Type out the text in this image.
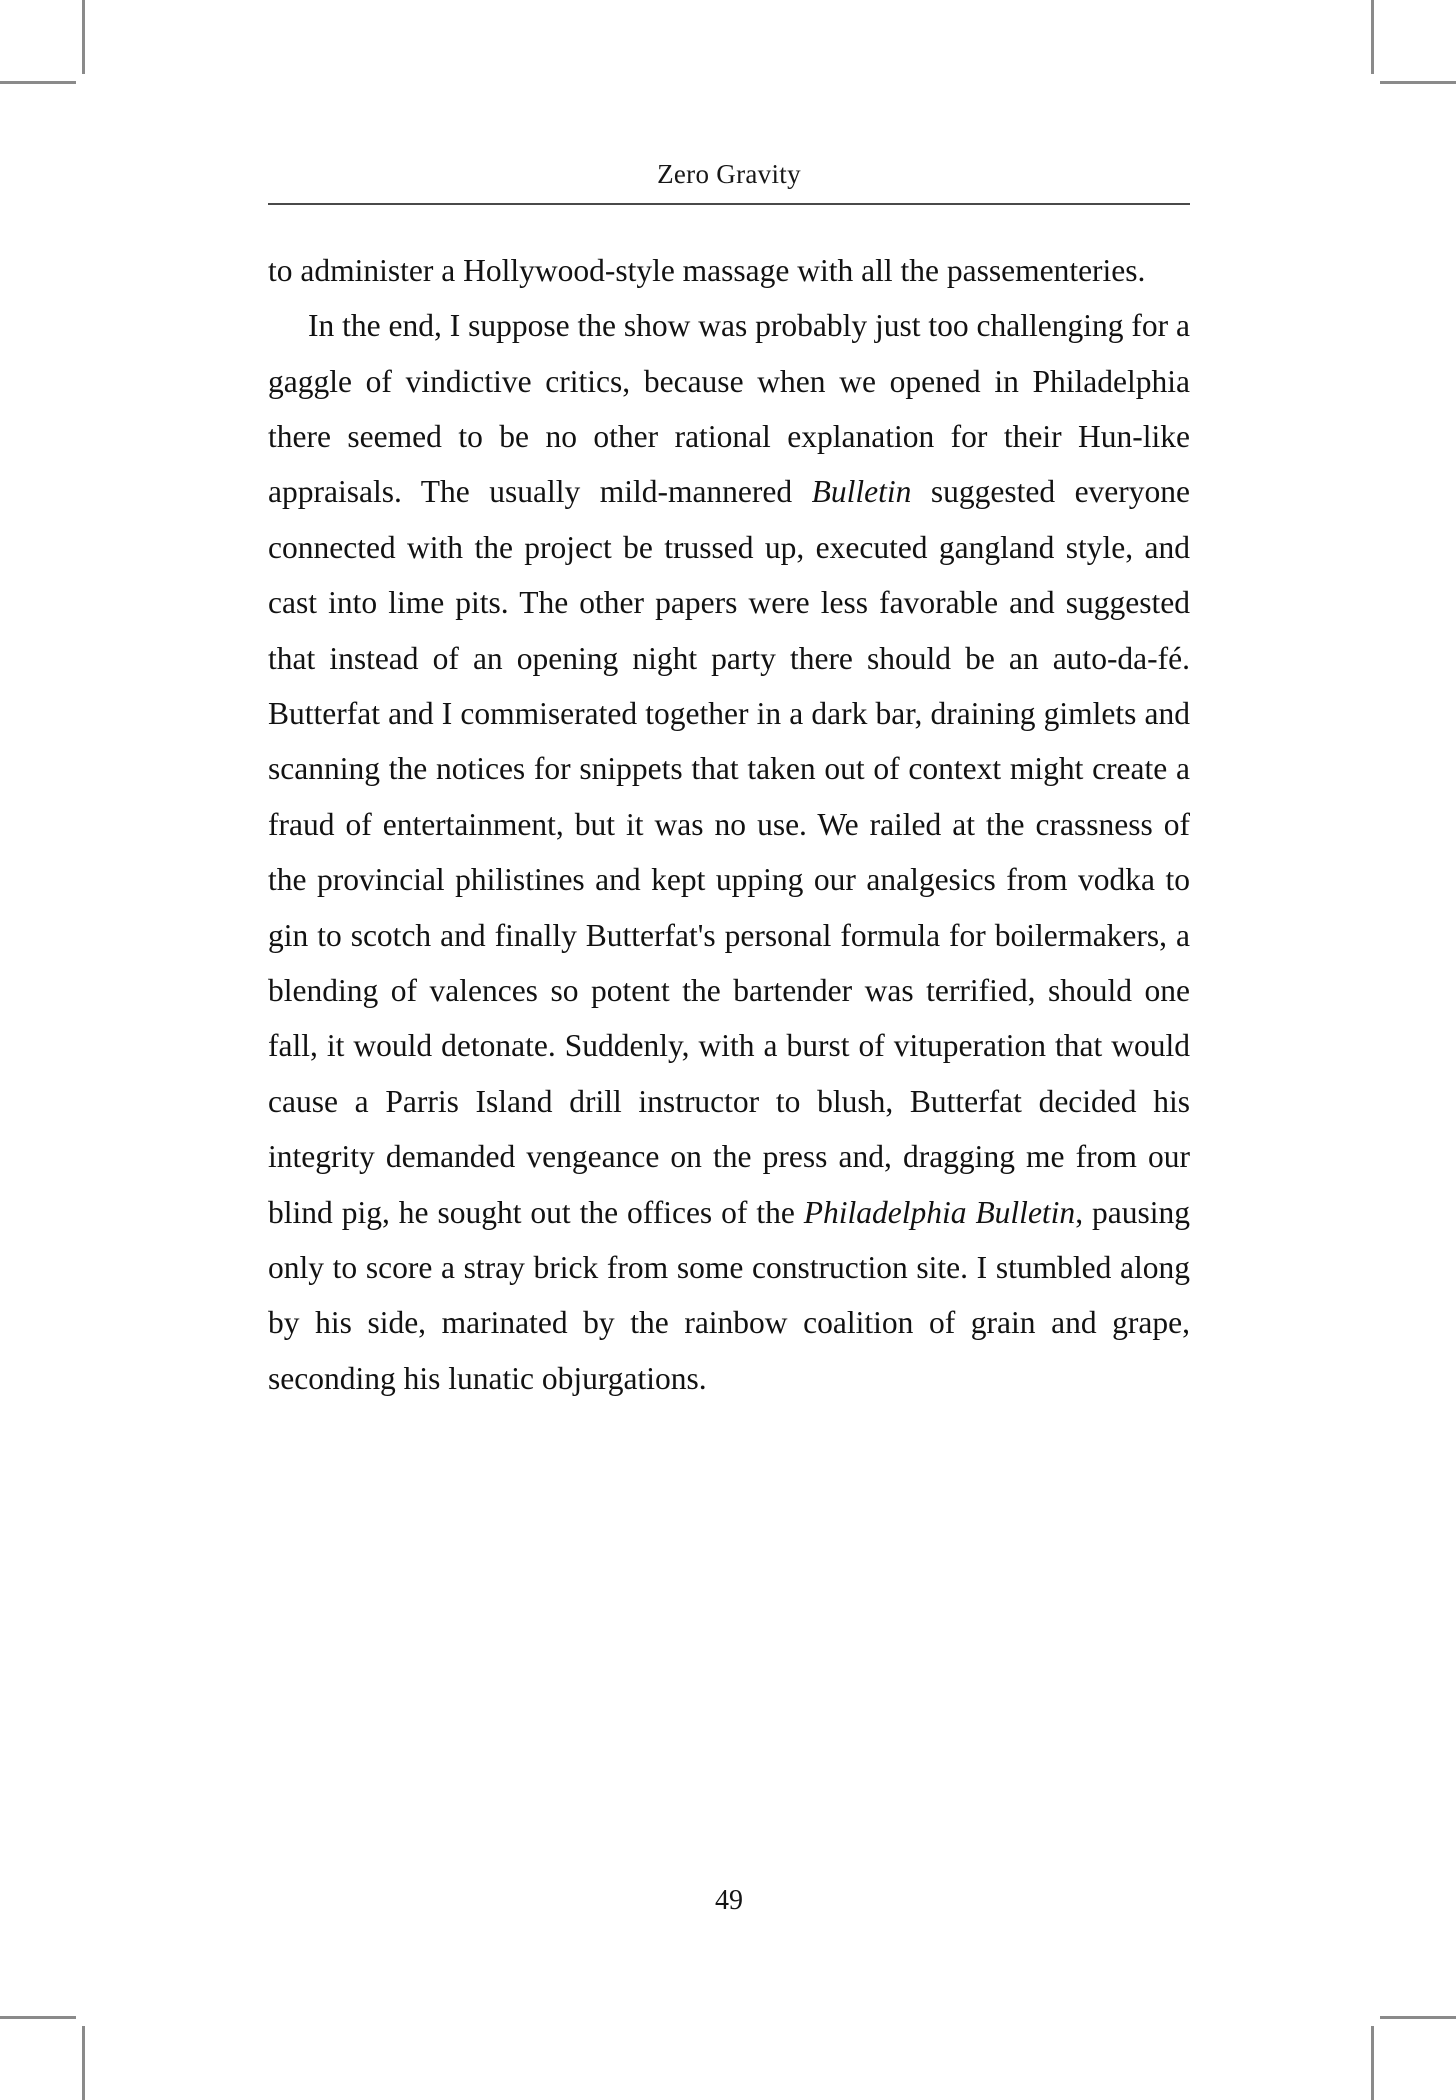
Zero Gravity

to administer a Hollywood-style massage with all the passementeries.

In the end, I suppose the show was probably just too challenging for a gaggle of vindictive critics, because when we opened in Philadelphia there seemed to be no other rational explanation for their Hun-like appraisals. The usually mild-mannered Bulletin suggested everyone connected with the project be trussed up, executed gangland style, and cast into lime pits. The other papers were less favorable and suggested that instead of an opening night party there should be an auto-da-fé. Butterfat and I commiserated together in a dark bar, draining gimlets and scanning the notices for snippets that taken out of context might create a fraud of entertainment, but it was no use. We railed at the crassness of the provincial philistines and kept upping our analgesics from vodka to gin to scotch and finally Butterfat's personal formula for boilermakers, a blending of valences so potent the bartender was terrified, should one fall, it would detonate. Suddenly, with a burst of vituperation that would cause a Parris Island drill instructor to blush, Butterfat decided his integrity demanded vengeance on the press and, dragging me from our blind pig, he sought out the offices of the Philadelphia Bulletin, pausing only to score a stray brick from some construction site. I stumbled along by his side, marinated by the rainbow coalition of grain and grape, seconding his lunatic objurgations.

49
